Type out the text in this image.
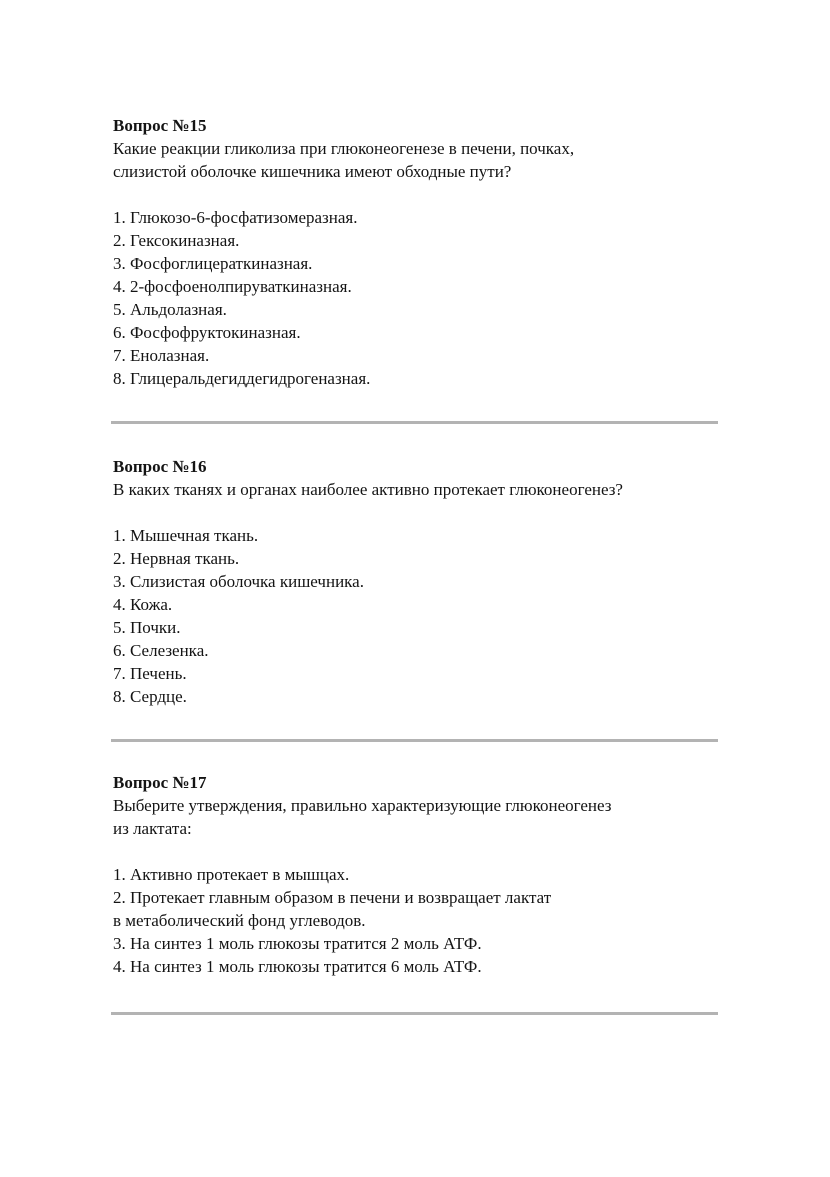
Вопрос №15

Какие реакции гликолиза при глюконеогенезе в печени, почках,
слизистой оболочке кишечника имеют обходные пути?

1. Глюкозо-6-фосфатизомеразная.
2. Гексокиназная.
3. Фосфоглицераткиназная.
4. 2-фосфоенолпируваткиназная.
5. Альдолазная.
6. Фосфофруктокиназная.
7. Енолазная.
8. Глицеральдегиддегидрогеназная.

Вопрос №16

В каких тканях и органах наиболее активно протекает глюконеогенез?

1. Мышечная ткань.
2. Нервная ткань.
3. Слизистая оболочка кишечника.
4. Кожа.
5. Почки.
6. Селезенка.
7. Печень.
8. Сердце.

Вопрос №17

Выберите утверждения, правильно характеризующие глюконеогенез
из лактата:

1. Активно протекает в мышцах.
2. Протекает главным образом в печени и возвращает лактат
в метаболический фонд углеводов.
3. На синтез 1 моль глюкозы тратится 2 моль АТФ.
4. На синтез 1 моль глюкозы тратится 6 моль АТФ.
